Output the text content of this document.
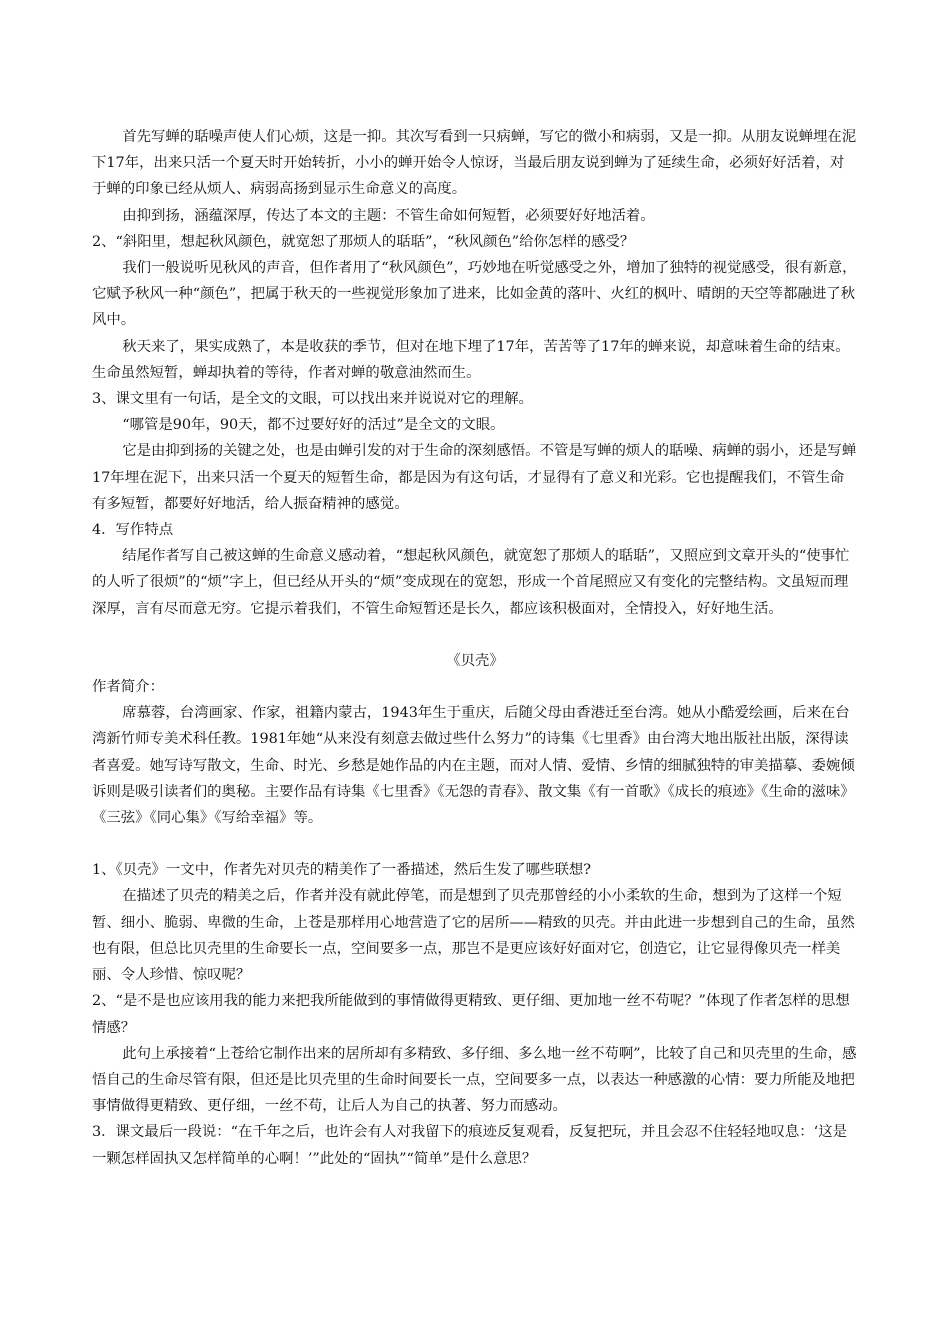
首先写蝉的聒噪声使人们心烦，这是一抑。其次写看到一只病蝉，写它的微小和病弱，又是一抑。从朋友说蝉埋在泥下17年，出来只活一个夏天时开始转折，小小的蝉开始令人惊讶，当最后朋友说到蝉为了延续生命，必须好好活着，对于蝉的印象已经从烦人、病弱高扬到显示生命意义的高度。

由抑到扬，涵蕴深厚，传达了本文的主题：不管生命如何短暂，必须要好好地活着。

2、“斜阳里，想起秋风颜色，就宽恕了那烦人的聒聒”，“秋风颜色”给你怎样的感受？

我们一般说听见秋风的声音，但作者用了“秋风颜色”，巧妙地在听觉感受之外，增加了独特的视觉感受，很有新意，它赋予秋风一种“颜色”，把属于秋天的一些视觉形象加了进来，比如金黄的落叶、火红的枫叶、晴朗的天空等都融进了秋风中。

秋天来了，果实成熟了，本是收获的季节，但对在地下埋了17年，苦苦等了17年的蝉来说，却意味着生命的结束。生命虽然短暂，蝉却执着的等待，作者对蝉的敬意油然而生。

3、课文里有一句话，是全文的文眼，可以找出来并说说对它的理解。

“哪管是90年，90天，都不过要好好的活过”是全文的文眼。

它是由抑到扬的关键之处，也是由蝉引发的对于生命的深刻感悟。不管是写蝉的烦人的聒噪、病蝉的弱小，还是写蝉17年埋在泥下，出来只活一个夏天的短暂生命，都是因为有这句话，才显得有了意义和光彩。它也提醒我们，不管生命有多短暂，都要好好地活，给人振奋精神的感觉。

4．写作特点

结尾作者写自己被这蝉的生命意义感动着，“想起秋风颜色，就宽恕了那烦人的聒聒”，又照应到文章开头的“使事忙的人听了很烦”的“烦”字上，但已经从开头的“烦”变成现在的宽恕，形成一个首尾照应又有变化的完整结构。文虽短而理深厚，言有尽而意无穷。它提示着我们，不管生命短暂还是长久，都应该积极面对，全情投入，好好地生活。

《贝壳》

作者简介：

席慕蓉，台湾画家、作家，祖籍内蒙古，1943年生于重庆，后随父母由香港迁至台湾。她从小酷爱绘画，后来在台湾新竹师专美术科任教。1981年她“从来没有刻意去做过些什么努力”的诗集《七里香》由台湾大地出版社出版，深得读者喜爱。她写诗写散文，生命、时光、乡愁是她作品的内在主题，而对人情、爱情、乡情的细腻独特的审美描摹、委婉倾诉则是吸引读者们的奥秘。主要作品有诗集《七里香》《无怨的青春》、散文集《有一首歌》《成长的痕迹》《生命的滋味》《三弦》《同心集》《写给幸福》等。

1、《贝壳》一文中，作者先对贝壳的精美作了一番描述，然后生发了哪些联想?

在描述了贝壳的精美之后，作者并没有就此停笔，而是想到了贝壳那曾经的小小柔软的生命，想到为了这样一个短暂、细小、脆弱、卑微的生命，上苍是那样用心地营造了它的居所——精致的贝壳。并由此进一步想到自己的生命，虽然也有限，但总比贝壳里的生命要长一点，空间要多一点，那岂不是更应该好好面对它，创造它，让它显得像贝壳一样美丽、令人珍惜、惊叹呢？

2、“是不是也应该用我的能力来把我所能做到的事情做得更精致、更仔细、更加地一丝不苟呢？”体现了作者怎样的思想情感？

此句上承接着“上苍给它制作出来的居所却有多精致、多仔细、多么地一丝不苟啊”，比较了自己和贝壳里的生命，感悟自己的生命尽管有限，但还是比贝壳里的生命时间要长一点，空间要多一点，以表达一种感激的心情：要力所能及地把事情做得更精致、更仔细，一丝不苟，让后人为自己的执著、努力而感动。

3．课文最后一段说：“在千年之后，也许会有人对我留下的痕迹反复观看，反复把玩，并且会忍不住轻轻地叹息：‘这是一颗怎样固执又怎样简单的心啊！’”此处的“固执”“简单”是什么意思？
